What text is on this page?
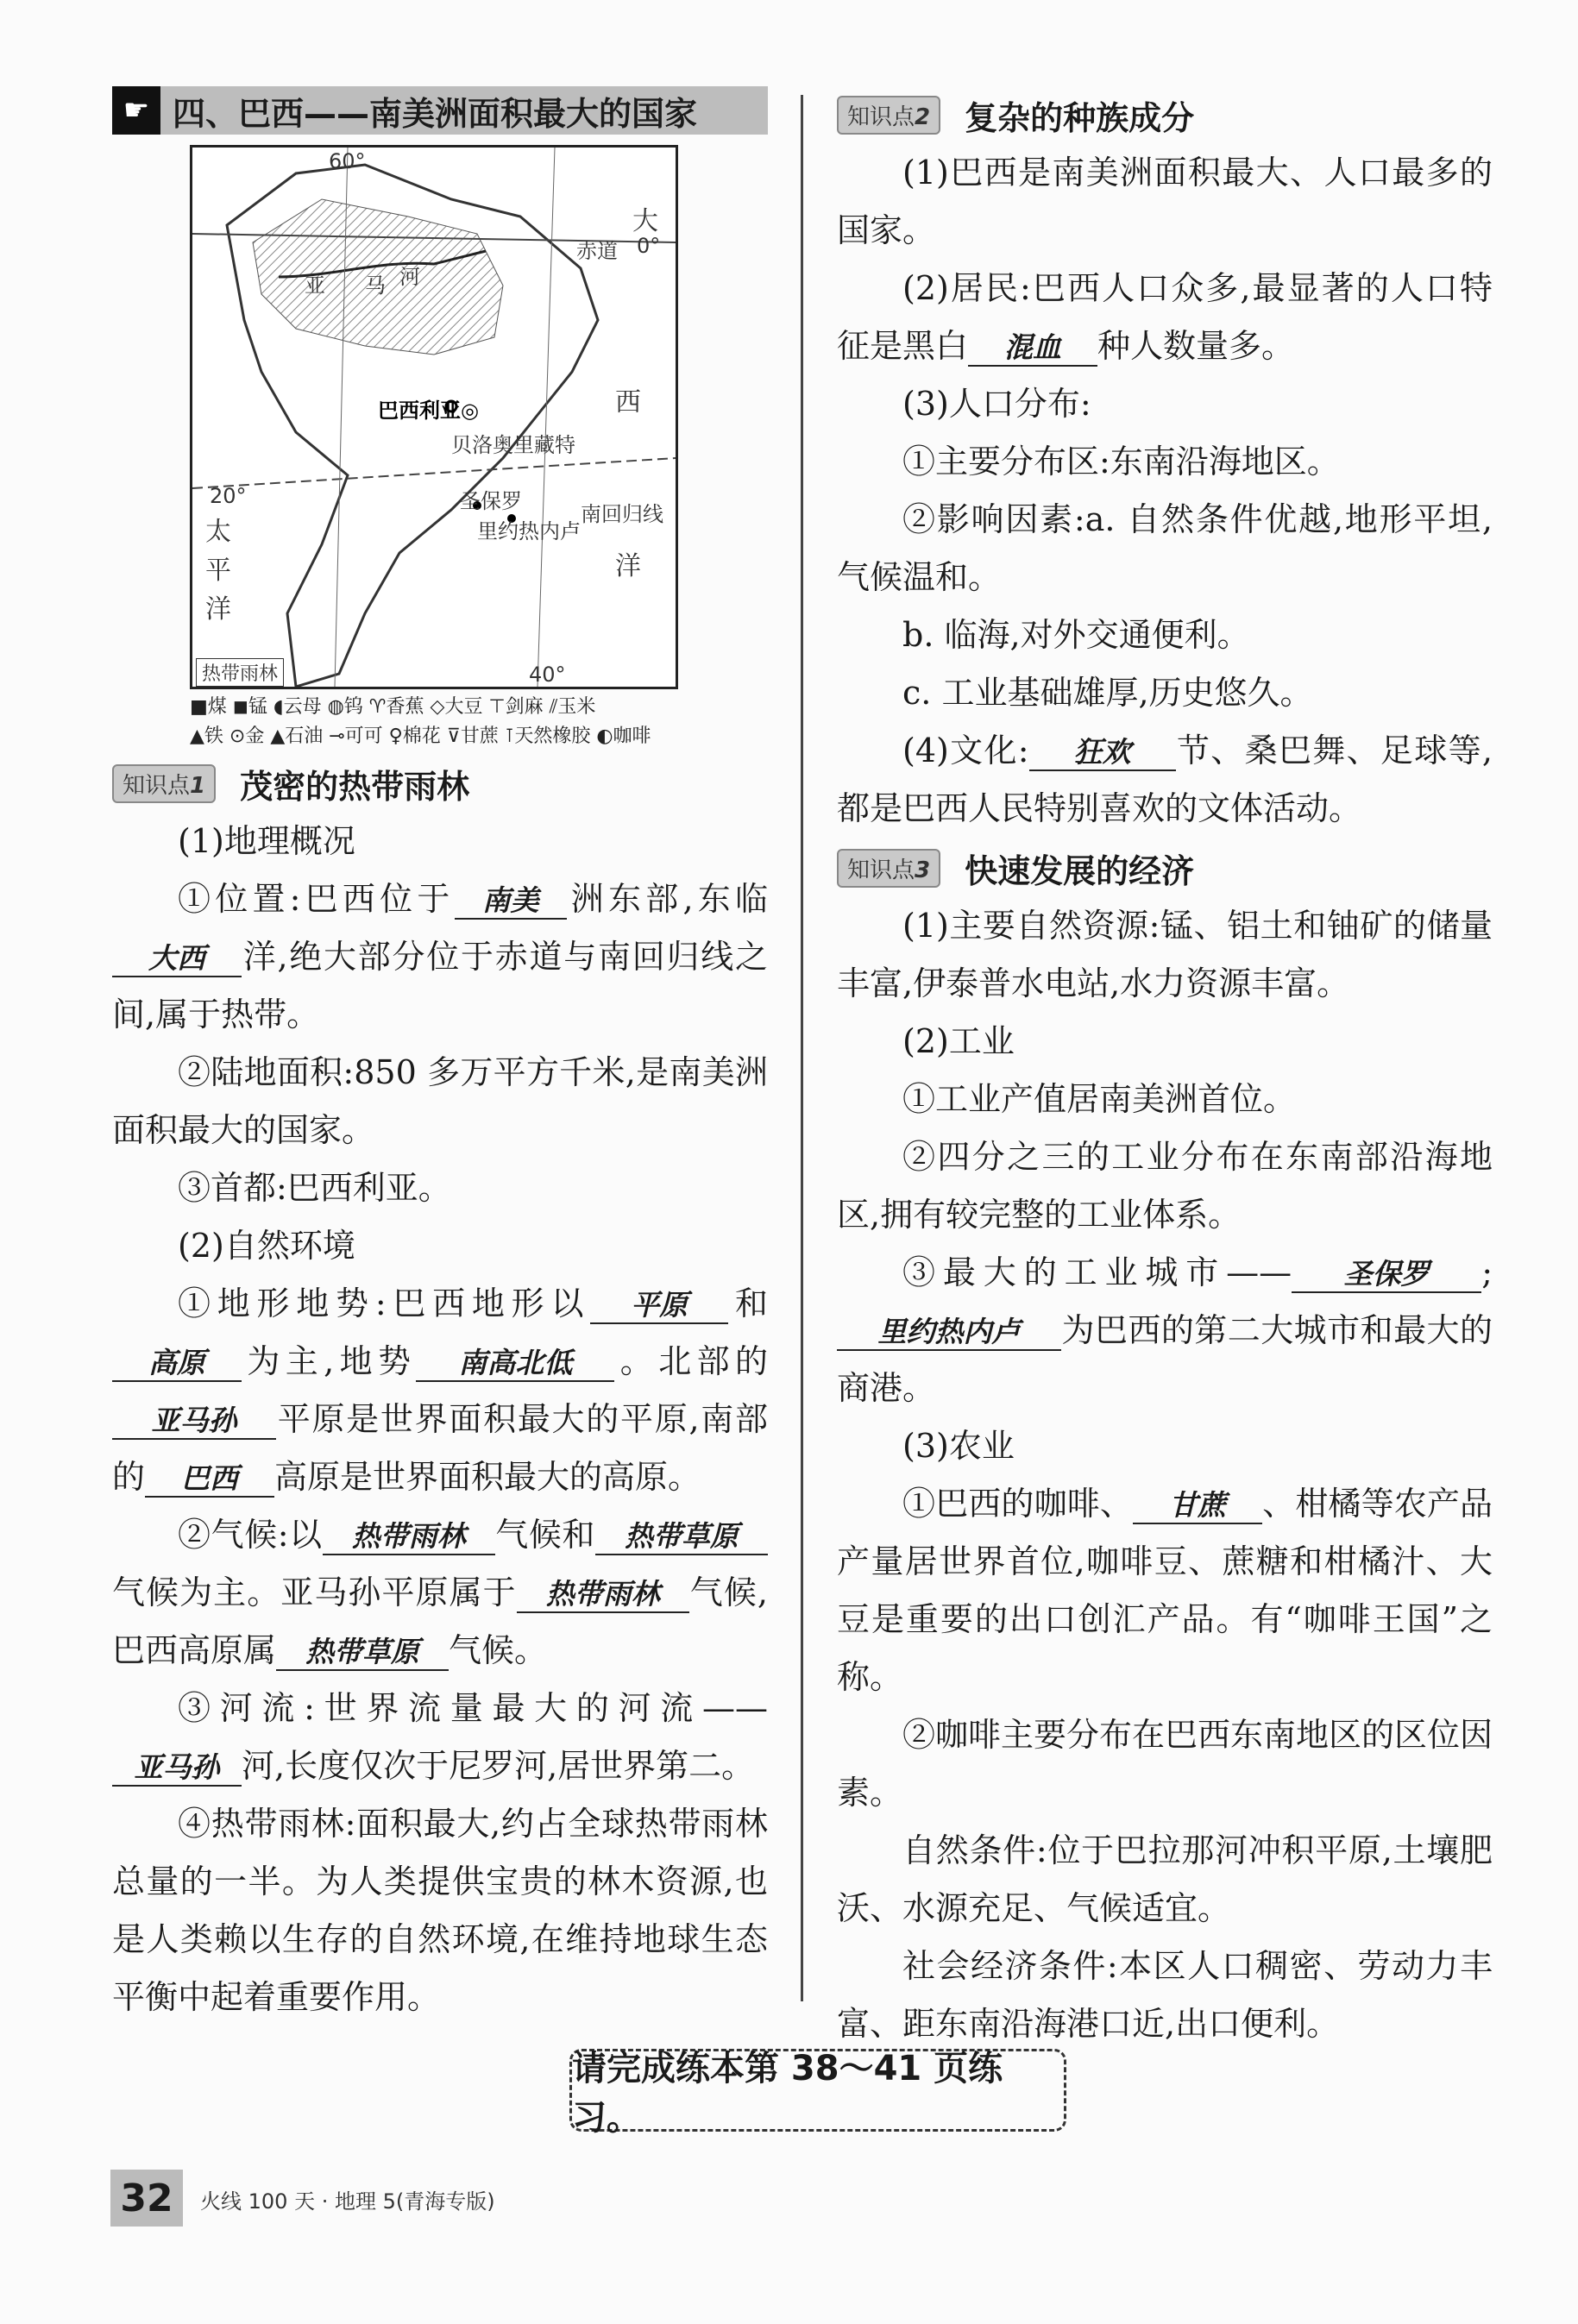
☛ 四、巴西——南美洲面积最大的国家
60°
大
赤道 0°
亚 马 河
西
洋
20°
太
平
洋
巴西利亚◎
贝洛奥里藏特
圣保罗
里约热内卢
南回归线
40°
热带雨林
■煤 ◼锰 ◖云母 ◍钨 ♈香蕉 ◇大豆 ⊤剑麻 ⫽玉米
▲铁 ⊙金 ▲石油 ⊸可可 ♀棉花 ⊽甘蔗 ⊺天然橡胶 ◐咖啡
知识点1	茂密的热带雨林

(1)地理概况

①位置:巴西位于 南美 洲东部,东临大西 洋,绝大部分位于赤道与南回归线之间,属于热带。

②陆地面积:850 多万平方千米,是南美洲面积最大的国家。

③首都:巴西利亚。

(2)自然环境

①地形地势:巴西地形以 平原 和高原 为主,地势 南高北低 。北部的亚马孙 平原是世界面积最大的平原,南部的 巴西 高原是世界面积最大的高原。

②气候:以 热带雨林 气候和 热带草原气候为主。亚马孙平原属于 热带雨林 气候,巴西高原属 热带草原 气候。

③河流:世界流量最大的河流——亚马孙 河,长度仅次于尼罗河,居世界第二。

④热带雨林:面积最大,约占全球热带雨林总量的一半。为人类提供宝贵的林木资源,也是人类赖以生存的自然环境,在维持地球生态平衡中起着重要作用。

知识点2	复杂的种族成分

(1)巴西是南美洲面积最大、人口最多的国家。

(2)居民:巴西人口众多,最显著的人口特征是黑白 混血 种人数量多。

(3)人口分布:

①主要分布区:东南沿海地区。

②影响因素:a. 自然条件优越,地形平坦,气候温和。

b. 临海,对外交通便利。

c. 工业基础雄厚,历史悠久。

(4)文化: 狂欢 节、桑巴舞、足球等,都是巴西人民特别喜欢的文体活动。

知识点3	快速发展的经济

(1)主要自然资源:锰、铝土和铀矿的储量丰富,伊泰普水电站,水力资源丰富。

(2)工业

①工业产值居南美洲首位。

②四分之三的工业分布在东南部沿海地区,拥有较完整的工业体系。

③最大的工业城市—— 圣保罗 ;里约热内卢 为巴西的第二大城市和最大的商港。

(3)农业

①巴西的咖啡、 甘蔗 、柑橘等农产品产量居世界首位,咖啡豆、蔗糖和柑橘汁、大豆是重要的出口创汇产品。有“咖啡王国”之称。

②咖啡主要分布在巴西东南地区的区位因素。

自然条件:位于巴拉那河冲积平原,土壤肥沃、水源充足、气候适宜。

社会经济条件:本区人口稠密、劳动力丰富、距东南沿海港口近,出口便利。

请完成练本第 38～41 页练习。
32	火线 100 天 · 地理 5(青海专版)
